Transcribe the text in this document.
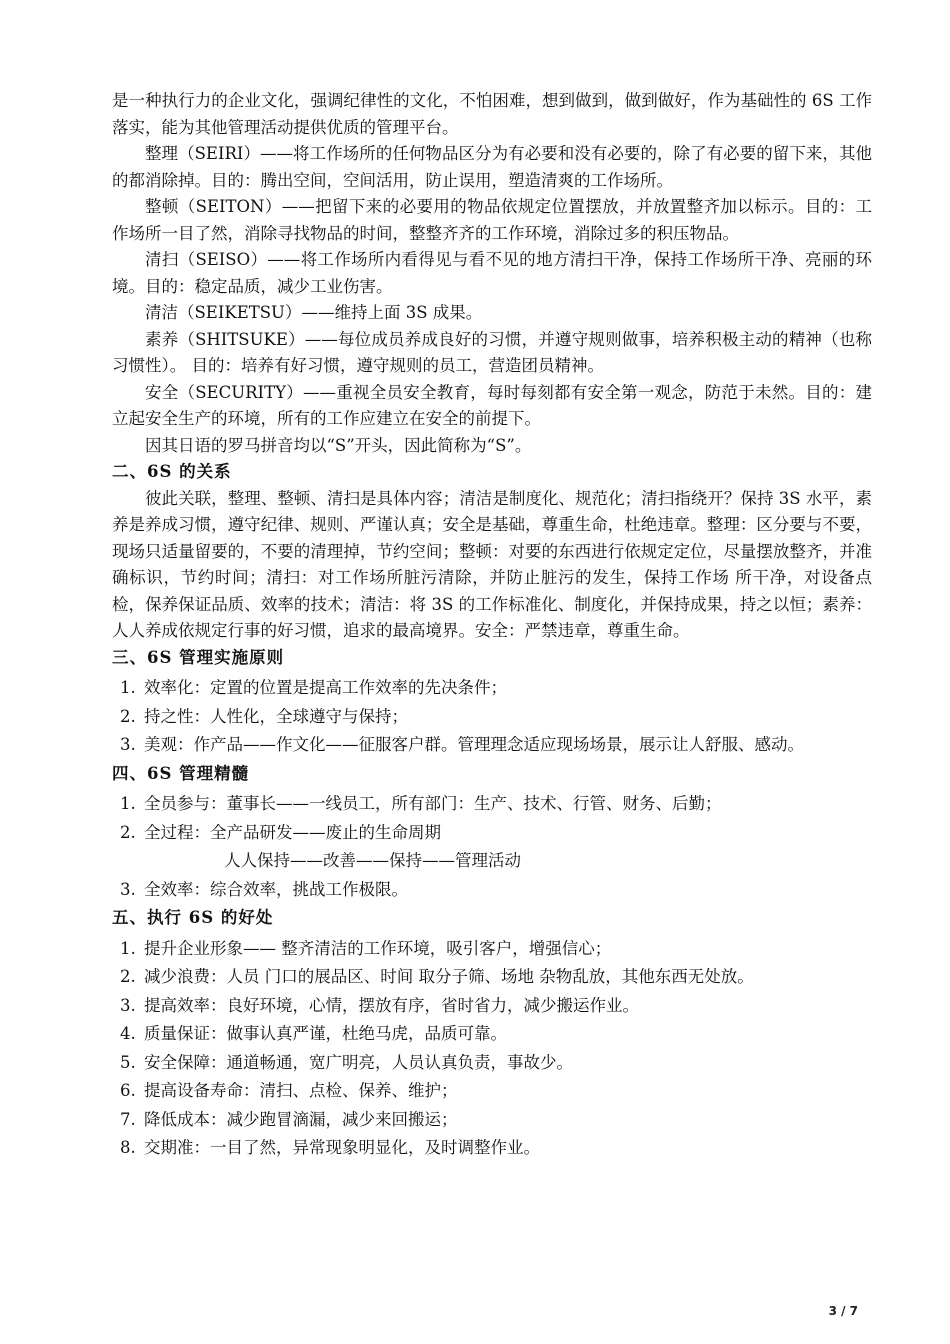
是一种执行力的企业文化，强调纪律性的文化，不怕困难，想到做到，做到做好，作为基础性的 6S 工作落实，能为其他管理活动提供优质的管理平台。

整理（SEIRI）——将工作场所的任何物品区分为有必要和没有必要的，除了有必要的留下来，其他的都消除掉。目的：腾出空间，空间活用，防止误用，塑造清爽的工作场所。

整顿（SEITON）——把留下来的必要用的物品依规定位置摆放，并放置整齐加以标示。目的：工作场所一目了然，消除寻找物品的时间，整整齐齐的工作环境，消除过多的积压物品。

清扫（SEISO）——将工作场所内看得见与看不见的地方清扫干净，保持工作场所干净、亮丽的环境。目的：稳定品质，减少工业伤害。

清洁（SEIKETSU）——维持上面 3S 成果。

素养（SHITSUKE）——每位成员养成良好的习惯，并遵守规则做事，培养积极主动的精神（也称习惯性）。 目的：培养有好习惯，遵守规则的员工，营造团员精神。

安全（SECURITY）——重视全员安全教育，每时每刻都有安全第一观念，防范于未然。目的：建立起安全生产的环境，所有的工作应建立在安全的前提下。

因其日语的罗马拼音均以“S”开头，因此简称为“S”。

二、6S 的关系

彼此关联，整理、整顿、清扫是具体内容；清洁是制度化、规范化；清扫指绕开？保持 3S 水平，素养是养成习惯，遵守纪律、规则、严谨认真；安全是基础，尊重生命，杜绝违章。整理：区分要与不要，现场只适量留要的，不要的清理掉，节约空间；整顿：对要的东西进行依规定定位，尽量摆放整齐，并准确标识，节约时间；清扫：对工作场所脏污清除，并防止脏污的发生，保持工作场 所干净，对设备点检，保养保证品质、效率的技术；清洁：将 3S 的工作标准化、制度化，并保持成果，持之以恒；素养：人人养成依规定行事的好习惯，追求的最高境界。安全：严禁违章，尊重生命。

三、6S 管理实施原则
1. 效率化：定置的位置是提高工作效率的先决条件；
2. 持之性：人性化，全球遵守与保持；
3. 美观：作产品——作文化——征服客户群。管理理念适应现场场景，展示让人舒服、感动。
四、6S 管理精髓
1. 全员参与：董事长——一线员工，所有部门：生产、技术、行管、财务、后勤；
2. 全过程：全产品研发——废止的生命周期
人人保持——改善——保持——管理活动
3. 全效率：综合效率，挑战工作极限。
五、执行 6S 的好处
1. 提升企业形象—— 整齐清洁的工作环境，吸引客户，增强信心；
2. 减少浪费：人员 门口的展品区、时间 取分子筛、场地 杂物乱放，其他东西无处放。
3. 提高效率：良好环境，心情，摆放有序，省时省力，减少搬运作业。
4. 质量保证：做事认真严谨，杜绝马虎，品质可靠。
5. 安全保障：通道畅通，宽广明亮，人员认真负责，事故少。
6. 提高设备寿命：清扫、点检、保养、维护；
7. 降低成本：减少跑冒滴漏，减少来回搬运；
8. 交期准：一目了然，异常现象明显化，及时调整作业。
3 / 7
